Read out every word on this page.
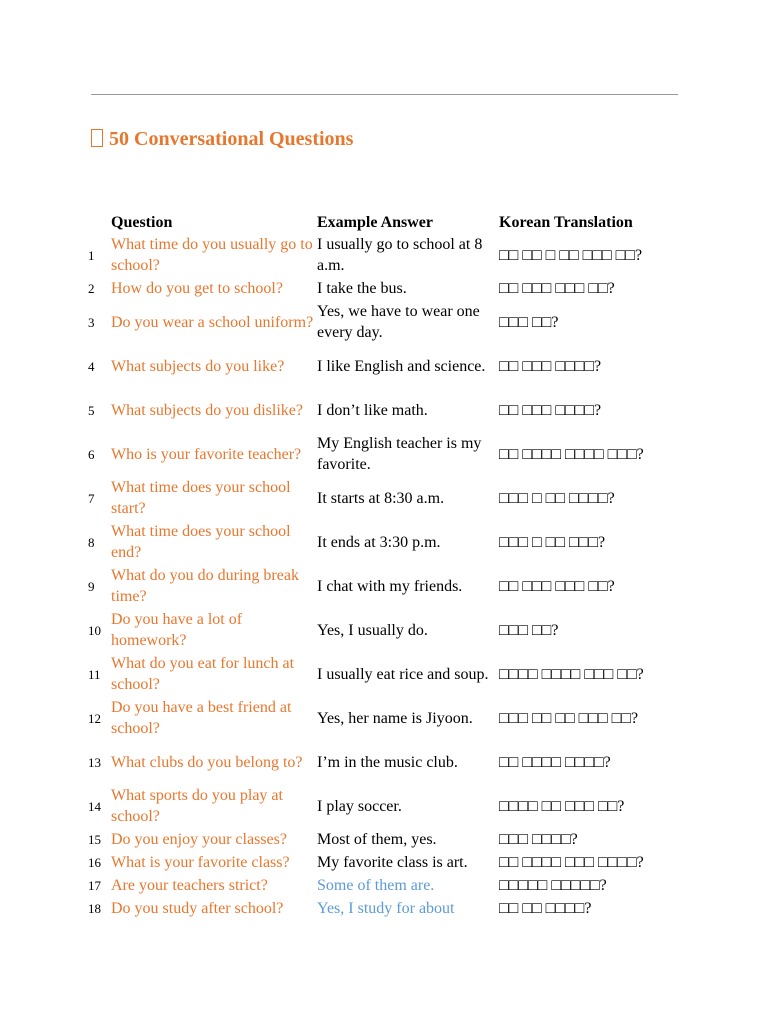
50 Conversational Questions
	Question	Example Answer	Korean Translation
1	What time do you usually go to school?	I usually go to school at 8 a.m.	□□ □□ □ □□ □□□ □□?
2	How do you get to school?	I take the bus.	□□ □□□ □□□ □□?
3	Do you wear a school uniform?	Yes, we have to wear one every day.	□□□ □□?
4	What subjects do you like?	I like English and science.	□□ □□□ □□□□?
5	What subjects do you dislike?	I don’t like math.	□□ □□□ □□□□?
6	Who is your favorite teacher?	My English teacher is my favorite.	□□ □□□□ □□□□ □□□?
7	What time does your school start?	It starts at 8:30 a.m.	□□□ □ □□ □□□□?
8	What time does your school end?	It ends at 3:30 p.m.	□□□ □ □□ □□□?
9	What do you do during break time?	I chat with my friends.	□□ □□□ □□□ □□?
10	Do you have a lot of homework?	Yes, I usually do.	□□□ □□?
11	What do you eat for lunch at school?	I usually eat rice and soup.	□□□□ □□□□ □□□ □□?
12	Do you have a best friend at school?	Yes, her name is Jiyoon.	□□□ □□ □□ □□□ □□?
13	What clubs do you belong to?	I’m in the music club.	□□ □□□□ □□□□?
14	What sports do you play at school?	I play soccer.	□□□□ □□ □□□ □□?
15	Do you enjoy your classes?	Most of them, yes.	□□□ □□□□?
16	What is your favorite class?	My favorite class is art.	□□ □□□□ □□□ □□□□?
17	Are your teachers strict?	Some of them are.	□□□□□ □□□□□?
18	Do you study after school?	Yes, I study for about	□□ □□ □□□□?
